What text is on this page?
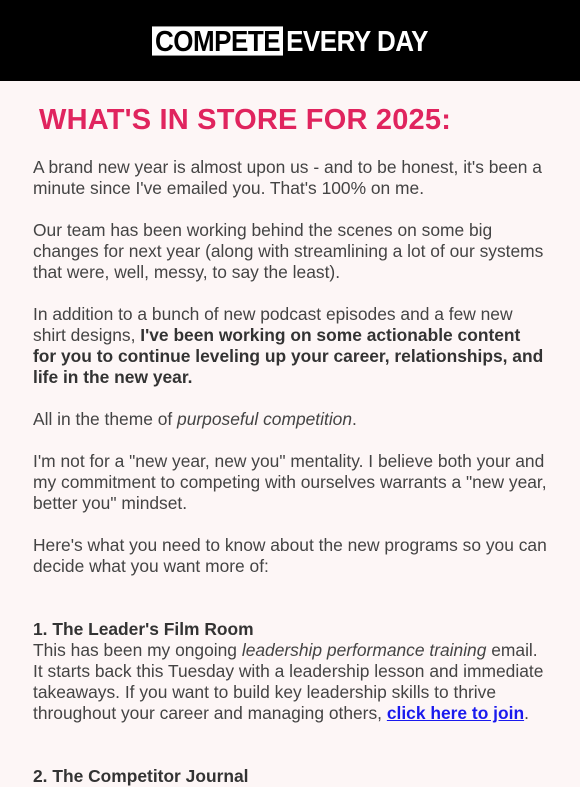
COMPETE EVERY DAY
WHAT'S IN STORE FOR 2025:

A brand new year is almost upon us - and to be honest, it's been a minute since I've emailed you. That's 100% on me.

Our team has been working behind the scenes on some big changes for next year (along with streamlining a lot of our systems that were, well, messy, to say the least).

In addition to a bunch of new podcast episodes and a few new shirt designs, I've been working on some actionable content for you to continue leveling up your career, relationships, and life in the new year.

All in the theme of purposeful competition.

I'm not for a "new year, new you" mentality. I believe both your and my commitment to competing with ourselves warrants a "new year, better you" mindset.

Here's what you need to know about the new programs so you can decide what you want more of:

1. The Leader's Film Room
This has been my ongoing leadership performance training email. It starts back this Tuesday with a leadership lesson and immediate takeaways. If you want to build key leadership skills to thrive throughout your career and managing others, click here to join.

2. The Competitor Journal
